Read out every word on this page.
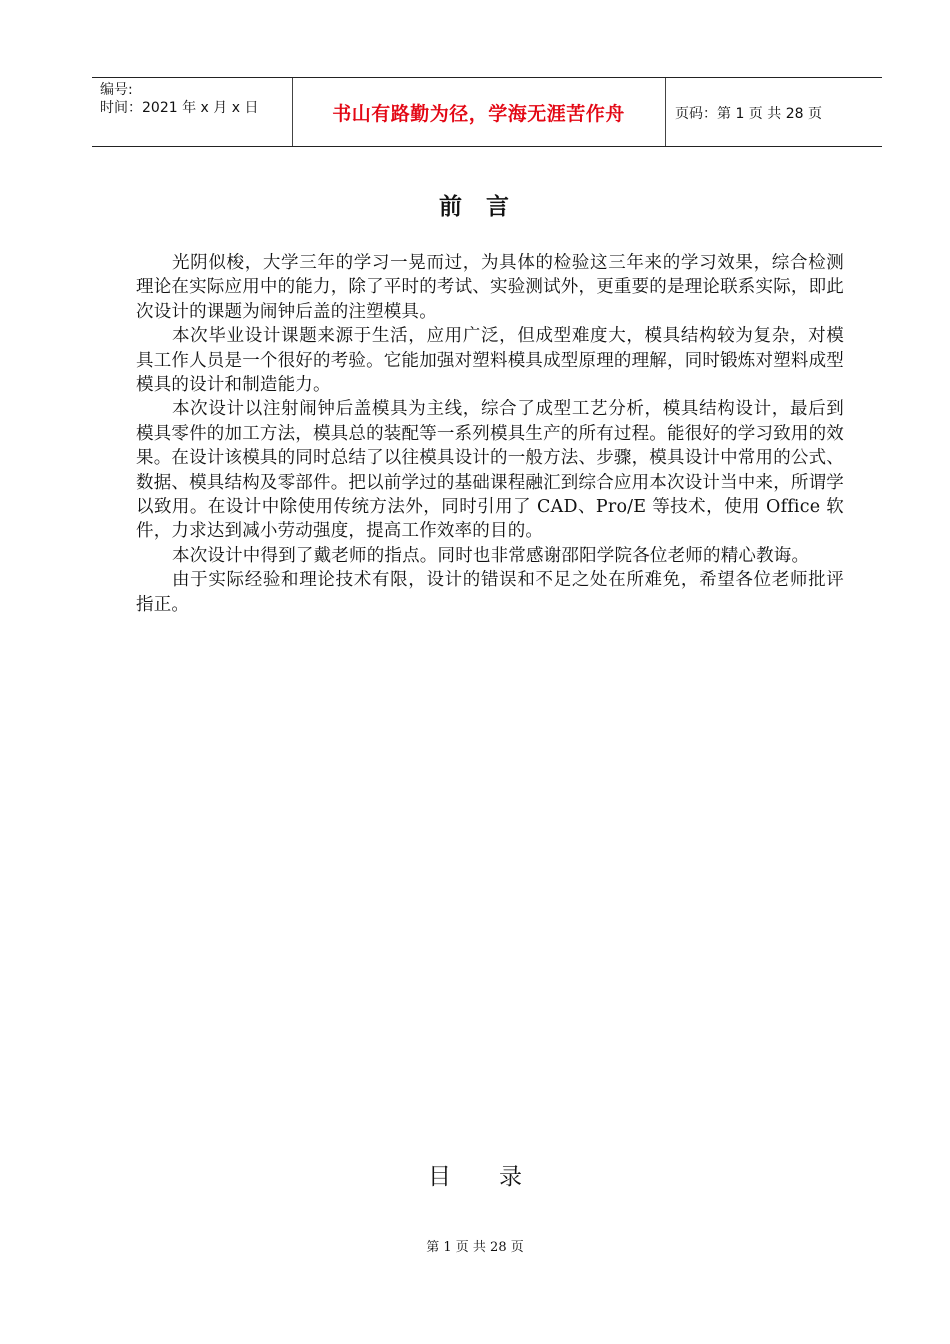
编号:
时间：2021 年 x 月 x 日	书山有路勤为径，学海无涯苦作舟	页码：第 1 页 共 28 页
前 言

光阴似梭，大学三年的学习一晃而过，为具体的检验这三年来的学习效果，综合检测理论在实际应用中的能力，除了平时的考试、实验测试外，更重要的是理论联系实际，即此次设计的课题为闹钟后盖的注塑模具。

本次毕业设计课题来源于生活，应用广泛，但成型难度大，模具结构较为复杂，对模具工作人员是一个很好的考验。它能加强对塑料模具成型原理的理解，同时锻炼对塑料成型模具的设计和制造能力。

本次设计以注射闹钟后盖模具为主线，综合了成型工艺分析，模具结构设计，最后到模具零件的加工方法，模具总的装配等一系列模具生产的所有过程。能很好的学习致用的效果。在设计该模具的同时总结了以往模具设计的一般方法、步骤，模具设计中常用的公式、数据、模具结构及零部件。把以前学过的基础课程融汇到综合应用本次设计当中来，所谓学以致用。在设计中除使用传统方法外，同时引用了 CAD、Pro/E 等技术，使用 Office 软件，力求达到减小劳动强度，提高工作效率的目的。

本次设计中得到了戴老师的指点。同时也非常感谢邵阳学院各位老师的精心教诲。

由于实际经验和理论技术有限，设计的错误和不足之处在所难免，希望各位老师批评指正。

目 录
第 1 页 共 28 页
